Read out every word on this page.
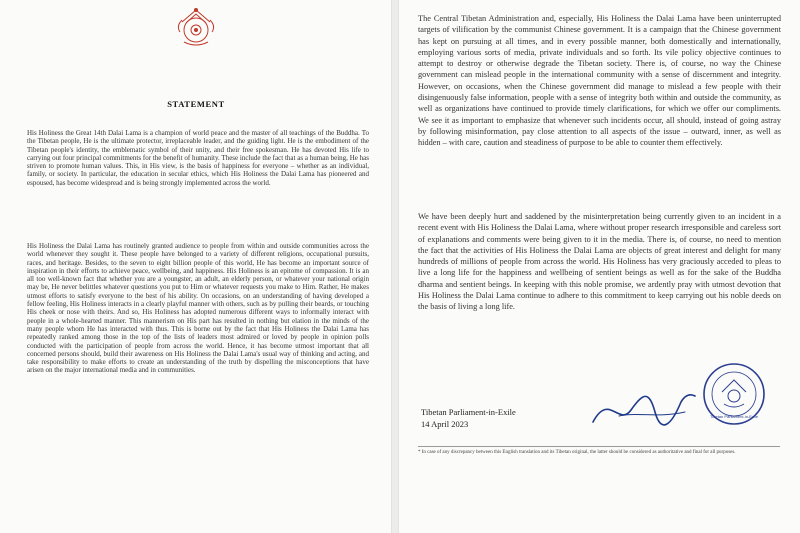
STATEMENT

His Holiness the Great 14th Dalai Lama is a champion of world peace and the master of all teachings of the Buddha. To the Tibetan people, He is the ultimate protector, irreplaceable leader, and the guiding light. He is the embodiment of the Tibetan people's identity, the emblematic symbol of their unity, and their free spokesman. He has devoted His life to carrying out four principal commitments for the benefit of humanity. These include the fact that as a human being, He has striven to promote human values. This, in His view, is the basis of happiness for everyone – whether as an individual, family, or society. In particular, the education in secular ethics, which His Holiness the Dalai Lama has pioneered and espoused, has become widespread and is being strongly implemented across the world.

His Holiness the Dalai Lama has routinely granted audience to people from within and outside communities across the world whenever they sought it. These people have belonged to a variety of different religions, occupational pursuits, races, and heritage. Besides, to the seven to eight billion people of this world, He has become an important source of inspiration in their efforts to achieve peace, wellbeing, and happiness. His Holiness is an epitome of compassion. It is an all too well-known fact that whether you are a youngster, an adult, an elderly person, or whatever your national origin may be, He never belittles whatever questions you put to Him or whatever requests you make to Him. Rather, He makes utmost efforts to satisfy everyone to the best of his ability. On occasions, on an understanding of having developed a fellow feeling, His Holiness interacts in a clearly playful manner with others, such as by pulling their beards, or touching His cheek or nose with theirs. And so, His Holiness has adopted numerous different ways to informally interact with people in a whole-hearted manner. This mannerism on His part has resulted in nothing but elation in the minds of the many people whom He has interacted with thus. This is borne out by the fact that His Holiness the Dalai Lama has repeatedly ranked among those in the top of the lists of leaders most admired or loved by people in opinion polls conducted with the participation of people from across the world. Hence, it has become utmost important that all concerned persons should, build their awareness on His Holiness the Dalai Lama's usual way of thinking and acting, and take responsibility to make efforts to create an understanding of the truth by dispelling the misconceptions that have arisen on the major international media and in communities.

The Central Tibetan Administration and, especially, His Holiness the Dalai Lama have been uninterrupted targets of vilification by the communist Chinese government. It is a campaign that the Chinese government has kept on pursuing at all times, and in every possible manner, both domestically and internationally, employing various sorts of media, private individuals and so forth. Its vile policy objective continues to attempt to destroy or otherwise degrade the Tibetan society. There is, of course, no way the Chinese government can mislead people in the international community with a sense of discernment and integrity. However, on occasions, when the Chinese government did manage to mislead a few people with their disingenuously false information, people with a sense of integrity both within and outside the community, as well as organizations have continued to provide timely clarifications, for which we offer our compliments. We see it as important to emphasize that whenever such incidents occur, all should, instead of going astray by following misinformation, pay close attention to all aspects of the issue – outward, inner, as well as hidden – with care, caution and steadiness of purpose to be able to counter them effectively.

We have been deeply hurt and saddened by the misinterpretation being currently given to an incident in a recent event with His Holiness the Dalai Lama, where without proper research irresponsible and careless sort of explanations and comments were being given to it in the media. There is, of course, no need to mention the fact that the activities of His Holiness the Dalai Lama are objects of great interest and delight for many hundreds of millions of people from across the world. His Holiness has very graciously acceded to pleas to live a long life for the happiness and wellbeing of sentient beings as well as for the sake of the Buddha dharma and sentient beings. In keeping with this noble promise, we ardently pray with utmost devotion that His Holiness the Dalai Lama continue to adhere to this commitment to keep carrying out his noble deeds on the basis of living a long life.

Tibetan Parliament-in-Exile
14 April 2023
Tibetan Parliament-in-Exile

* In case of any discrepancy between this English translation and its Tibetan original, the latter should be considered as authoritative and final for all purposes.
